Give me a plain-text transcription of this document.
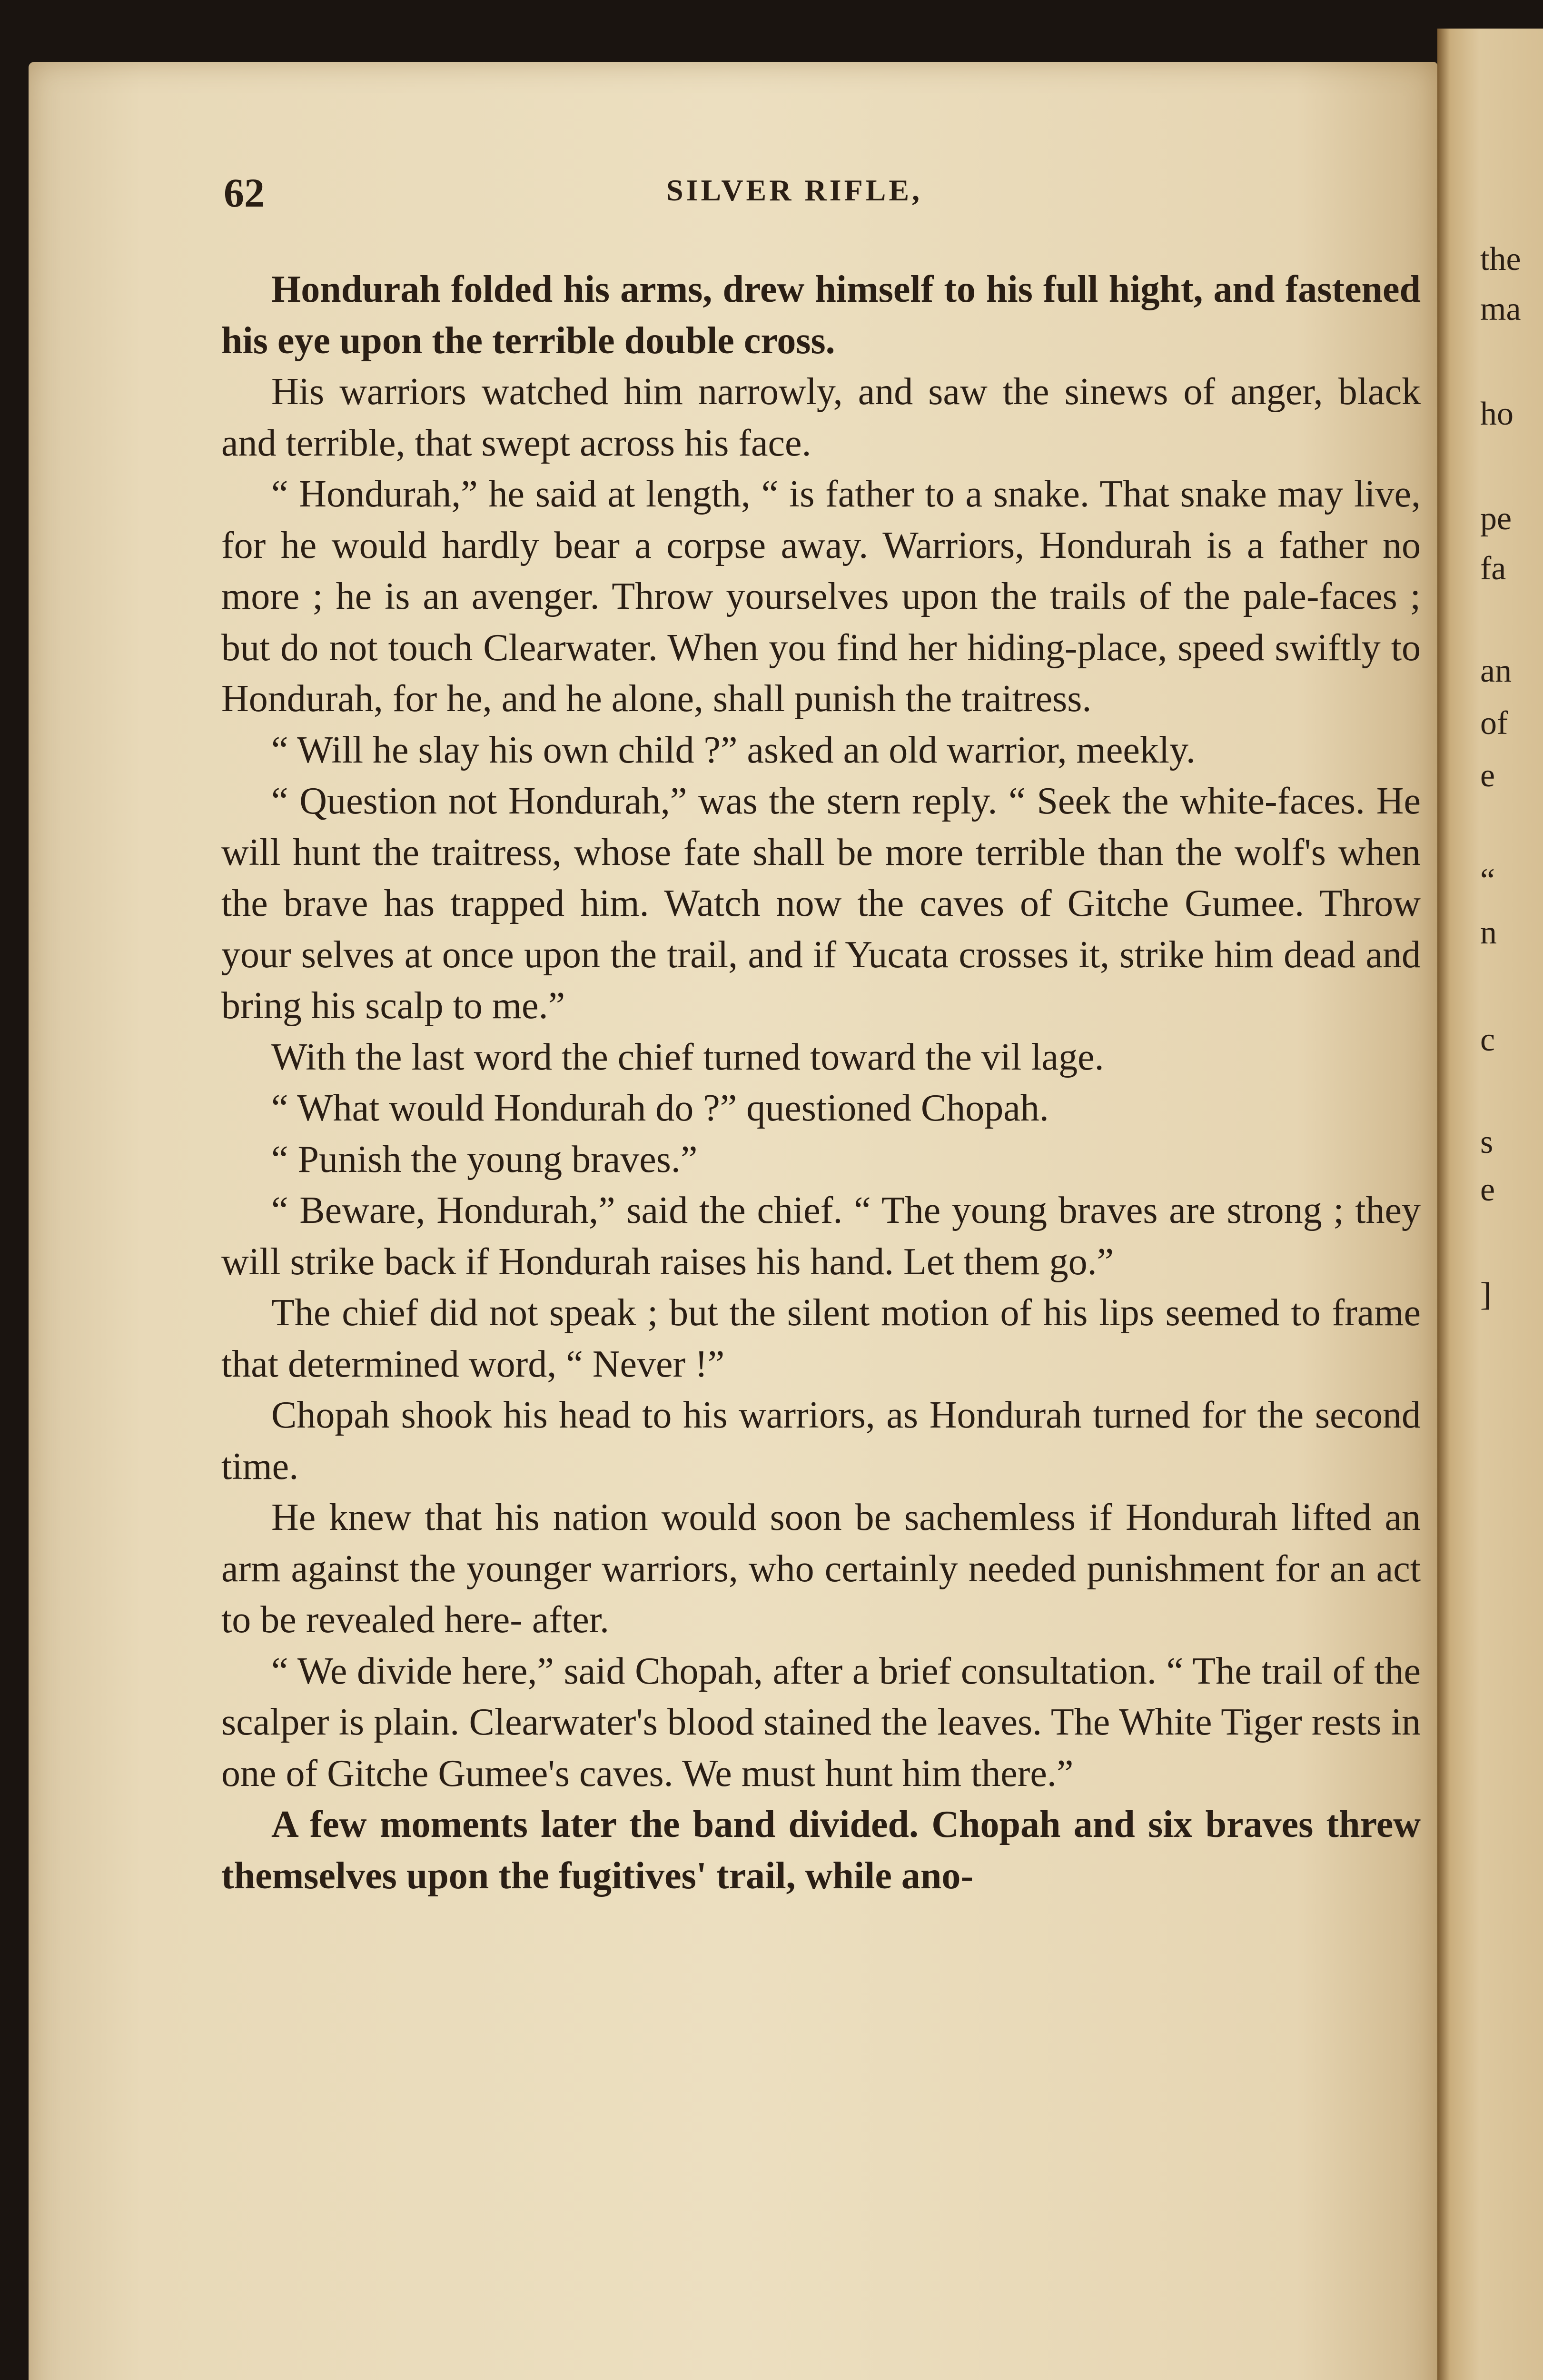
the
ma
ho
pe
fa
an
of
e
“
n
c
s
e
]
62	SILVER RIFLE,

Hondurah folded his arms, drew himself to his full hight, and fastened his eye upon the terrible double cross.

His warriors watched him narrowly, and saw the sinews of anger, black and terrible, that swept across his face.

“ Hondurah,” he said at length, “ is father to a snake. That snake may live, for he would hardly bear a corpse away. Warriors, Hondurah is a father no more ; he is an avenger. Throw yourselves upon the trails of the pale-faces ; but do not touch Clearwater. When you find her hiding-place, speed swiftly to Hondurah, for he, and he alone, shall punish the traitress.

“ Will he slay his own child ?” asked an old warrior, meekly.

“ Question not Hondurah,” was the stern reply. “ Seek the white-faces. He will hunt the traitress, whose fate shall be more terrible than the wolf's when the brave has trapped him. Watch now the caves of Gitche Gumee. Throw your selves at once upon the trail, and if Yucata crosses it, strike him dead and bring his scalp to me.”

With the last word the chief turned toward the vil lage.

“ What would Hondurah do ?” questioned Chopah.

“ Punish the young braves.”

“ Beware, Hondurah,” said the chief. “ The young braves are strong ; they will strike back if Hondurah raises his hand. Let them go.”

The chief did not speak ; but the silent motion of his lips seemed to frame that determined word, “ Never !”

Chopah shook his head to his warriors, as Hondurah turned for the second time.

He knew that his nation would soon be sachemless if Hondurah lifted an arm against the younger warriors, who certainly needed punishment for an act to be revealed here- after.

“ We divide here,” said Chopah, after a brief consultation. “ The trail of the scalper is plain. Clearwater's blood stained the leaves. The White Tiger rests in one of Gitche Gumee's caves. We must hunt him there.”

A few moments later the band divided. Chopah and six braves threw themselves upon the fugitives' trail, while ano-
